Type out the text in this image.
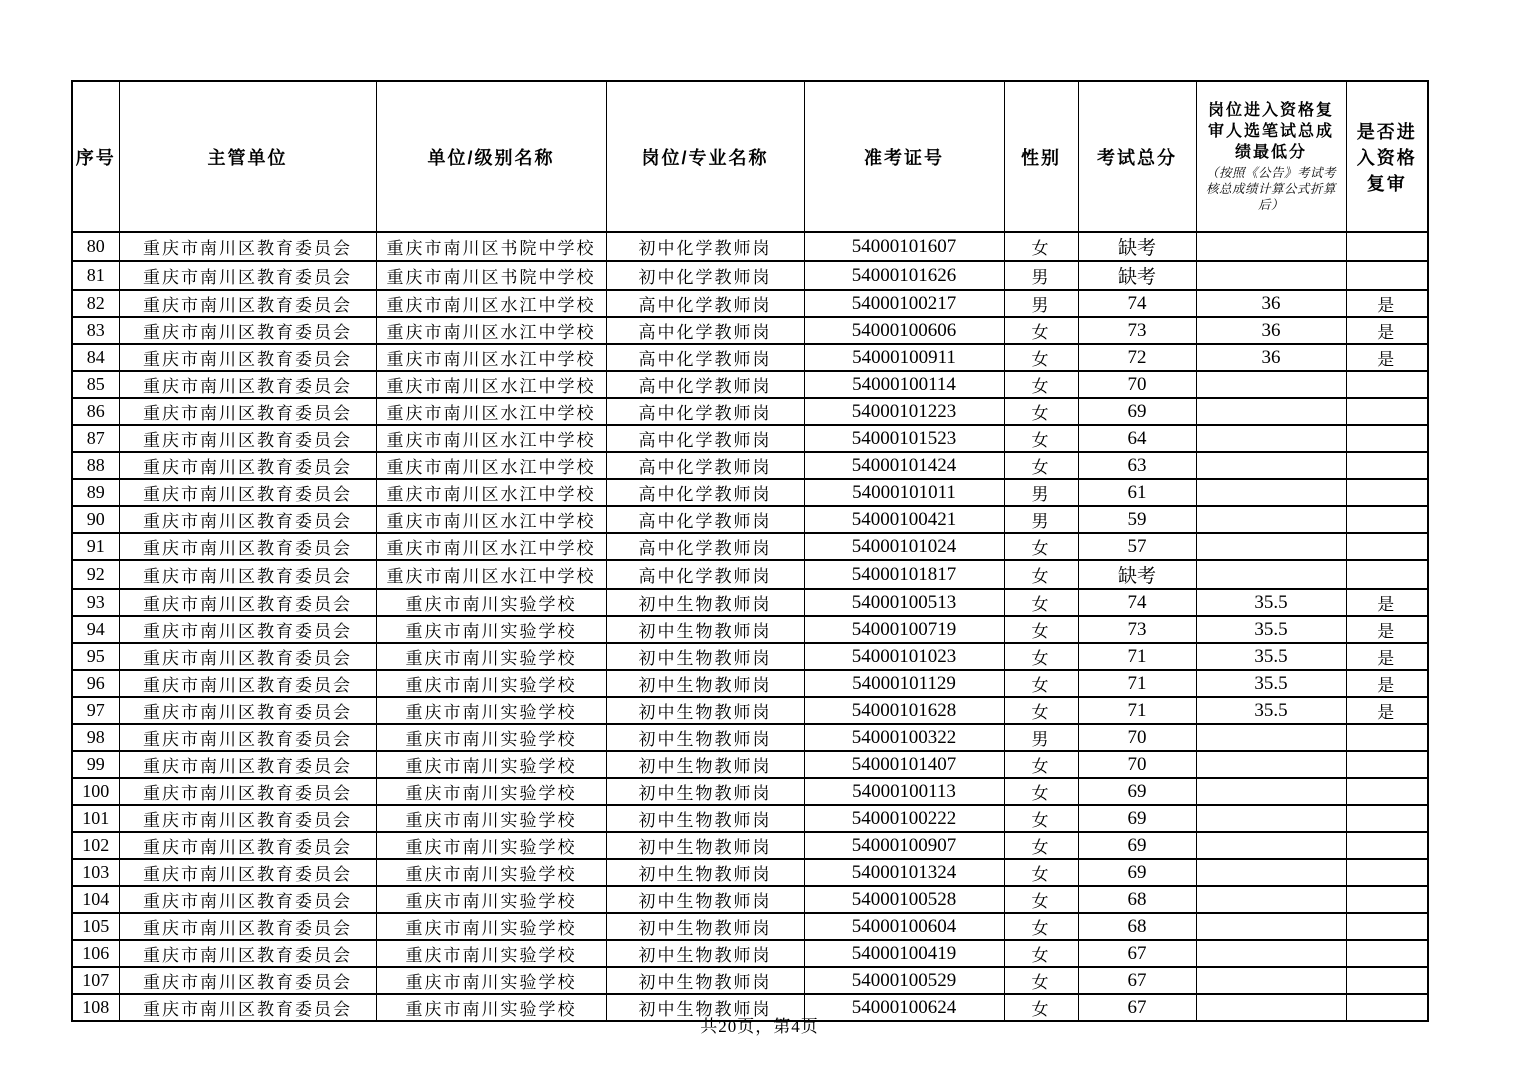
序号	主管单位	单位/级别名称	岗位/专业名称	准考证号	性别	考试总分	岗位进入资格复审人选笔试总成绩最低分
（按照《公告》考试考核总成绩计算公式折算后）	是否进入资格复审
80	重庆市南川区教育委员会	重庆市南川区书院中学校	初中化学教师岗	54000101607	女	缺考		
81	重庆市南川区教育委员会	重庆市南川区书院中学校	初中化学教师岗	54000101626	男	缺考		
82	重庆市南川区教育委员会	重庆市南川区水江中学校	高中化学教师岗	54000100217	男	74	36	是
83	重庆市南川区教育委员会	重庆市南川区水江中学校	高中化学教师岗	54000100606	女	73	36	是
84	重庆市南川区教育委员会	重庆市南川区水江中学校	高中化学教师岗	54000100911	女	72	36	是
85	重庆市南川区教育委员会	重庆市南川区水江中学校	高中化学教师岗	54000100114	女	70		
86	重庆市南川区教育委员会	重庆市南川区水江中学校	高中化学教师岗	54000101223	女	69		
87	重庆市南川区教育委员会	重庆市南川区水江中学校	高中化学教师岗	54000101523	女	64		
88	重庆市南川区教育委员会	重庆市南川区水江中学校	高中化学教师岗	54000101424	女	63		
89	重庆市南川区教育委员会	重庆市南川区水江中学校	高中化学教师岗	54000101011	男	61		
90	重庆市南川区教育委员会	重庆市南川区水江中学校	高中化学教师岗	54000100421	男	59		
91	重庆市南川区教育委员会	重庆市南川区水江中学校	高中化学教师岗	54000101024	女	57		
92	重庆市南川区教育委员会	重庆市南川区水江中学校	高中化学教师岗	54000101817	女	缺考		
93	重庆市南川区教育委员会	重庆市南川实验学校	初中生物教师岗	54000100513	女	74	35.5	是
94	重庆市南川区教育委员会	重庆市南川实验学校	初中生物教师岗	54000100719	女	73	35.5	是
95	重庆市南川区教育委员会	重庆市南川实验学校	初中生物教师岗	54000101023	女	71	35.5	是
96	重庆市南川区教育委员会	重庆市南川实验学校	初中生物教师岗	54000101129	女	71	35.5	是
97	重庆市南川区教育委员会	重庆市南川实验学校	初中生物教师岗	54000101628	女	71	35.5	是
98	重庆市南川区教育委员会	重庆市南川实验学校	初中生物教师岗	54000100322	男	70		
99	重庆市南川区教育委员会	重庆市南川实验学校	初中生物教师岗	54000101407	女	70		
100	重庆市南川区教育委员会	重庆市南川实验学校	初中生物教师岗	54000100113	女	69		
101	重庆市南川区教育委员会	重庆市南川实验学校	初中生物教师岗	54000100222	女	69		
102	重庆市南川区教育委员会	重庆市南川实验学校	初中生物教师岗	54000100907	女	69		
103	重庆市南川区教育委员会	重庆市南川实验学校	初中生物教师岗	54000101324	女	69		
104	重庆市南川区教育委员会	重庆市南川实验学校	初中生物教师岗	54000100528	女	68		
105	重庆市南川区教育委员会	重庆市南川实验学校	初中生物教师岗	54000100604	女	68		
106	重庆市南川区教育委员会	重庆市南川实验学校	初中生物教师岗	54000100419	女	67		
107	重庆市南川区教育委员会	重庆市南川实验学校	初中生物教师岗	54000100529	女	67		
108	重庆市南川区教育委员会	重庆市南川实验学校	初中生物教师岗	54000100624	女	67		
共20页，第4页
